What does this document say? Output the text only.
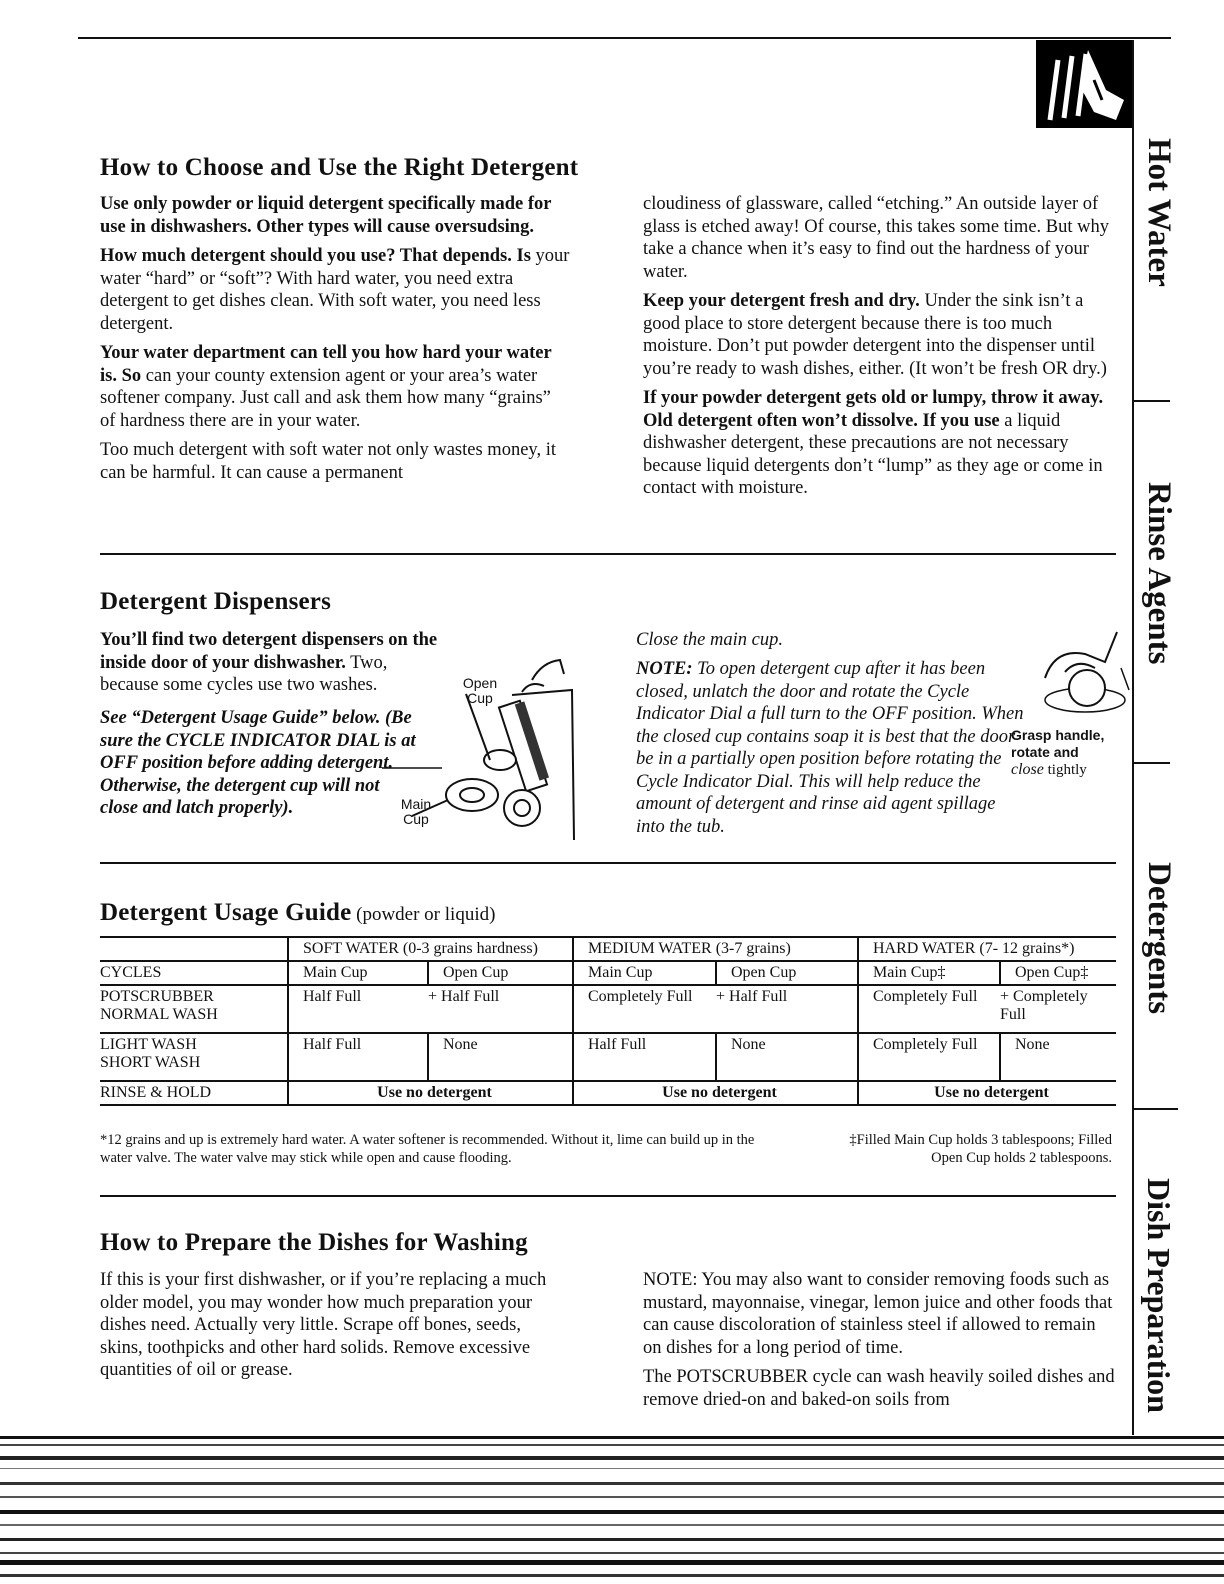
Hot Water
Rinse Agents
Detergents
Dish Preparation
How to Choose and Use the Right Detergent

Use only powder or liquid detergent specifically made for use in dishwashers. Other types will cause oversudsing.

How much detergent should you use? That depends. Is your water “hard” or “soft”? With hard water, you need extra detergent to get dishes clean. With soft water, you need less detergent.

Your water department can tell you how hard your water is. So can your county extension agent or your area’s water softener company. Just call and ask them how many “grains” of hardness there are in your water.

Too much detergent with soft water not only wastes money, it can be harmful. It can cause a permanent

cloudiness of glassware, called “etching.” An outside layer of glass is etched away! Of course, this takes some time. But why take a chance when it’s easy to find out the hardness of your water.

Keep your detergent fresh and dry. Under the sink isn’t a good place to store detergent because there is too much moisture. Don’t put powder detergent into the dispenser until you’re ready to wash dishes, either. (It won’t be fresh OR dry.)

If your powder detergent gets old or lumpy, throw it away. Old detergent often won’t dissolve. If you use a liquid dishwasher detergent, these precautions are not necessary because liquid detergents don’t “lump” as they age or come in contact with moisture.

Detergent Dispensers
You’ll find two detergent dispensers on the inside door of your dishwasher. Two, because some cycles use two washes.
See “Detergent Usage Guide” below. (Be sure the CYCLE INDICATOR DIAL is at OFF position before adding detergent. Otherwise, the detergent cup will not close and latch properly).
Open Cup
Main Cup
Close the main cup.
NOTE: To open detergent cup after it has been closed, unlatch the door and rotate the Cycle Indicator Dial a full turn to the OFF position. When the closed cup contains soap it is best that the door be in a partially open position before rotating the Cycle Indicator Dial. This will help reduce the amount of detergent and rinse aid agent spillage into the tub.
Grasp handle, rotate and
close tightly
Detergent Usage Guide (powder or liquid)
	SOFT WATER (0-3 grains hardness)		MEDIUM WATER (3-7 grains)		HARD WATER (7- 12 grains*)	
CYCLES	Main Cup	Open Cup	Main Cup	Open Cup	Main Cup‡	Open Cup‡
POTSCRUBBER
NORMAL WASH	Half Full	+ Half Full	Completely Full	+ Half Full	Completely Full	+ Completely Full
LIGHT WASH
SHORT WASH	Half Full	None	Half Full	None	Completely Full	None
RINSE & HOLD	Use no detergent		Use no detergent		Use no detergent	
*12 grains and up is extremely hard water. A water softener is recommended. Without it, lime can build up in the water valve. The water valve may stick while open and cause flooding.
‡Filled Main Cup holds 3 tablespoons; Filled Open Cup holds 2 tablespoons.
How to Prepare the Dishes for Washing
If this is your first dishwasher, or if you’re replacing a much older model, you may wonder how much preparation your dishes need. Actually very little. Scrape off bones, seeds, skins, toothpicks and other hard solids. Remove excessive quantities of oil or grease.

NOTE: You may also want to consider removing foods such as mustard, mayonnaise, vinegar, lemon juice and other foods that can cause discoloration of stainless steel if allowed to remain on dishes for a long period of time.

The POTSCRUBBER cycle can wash heavily soiled dishes and remove dried-on and baked-on soils from
